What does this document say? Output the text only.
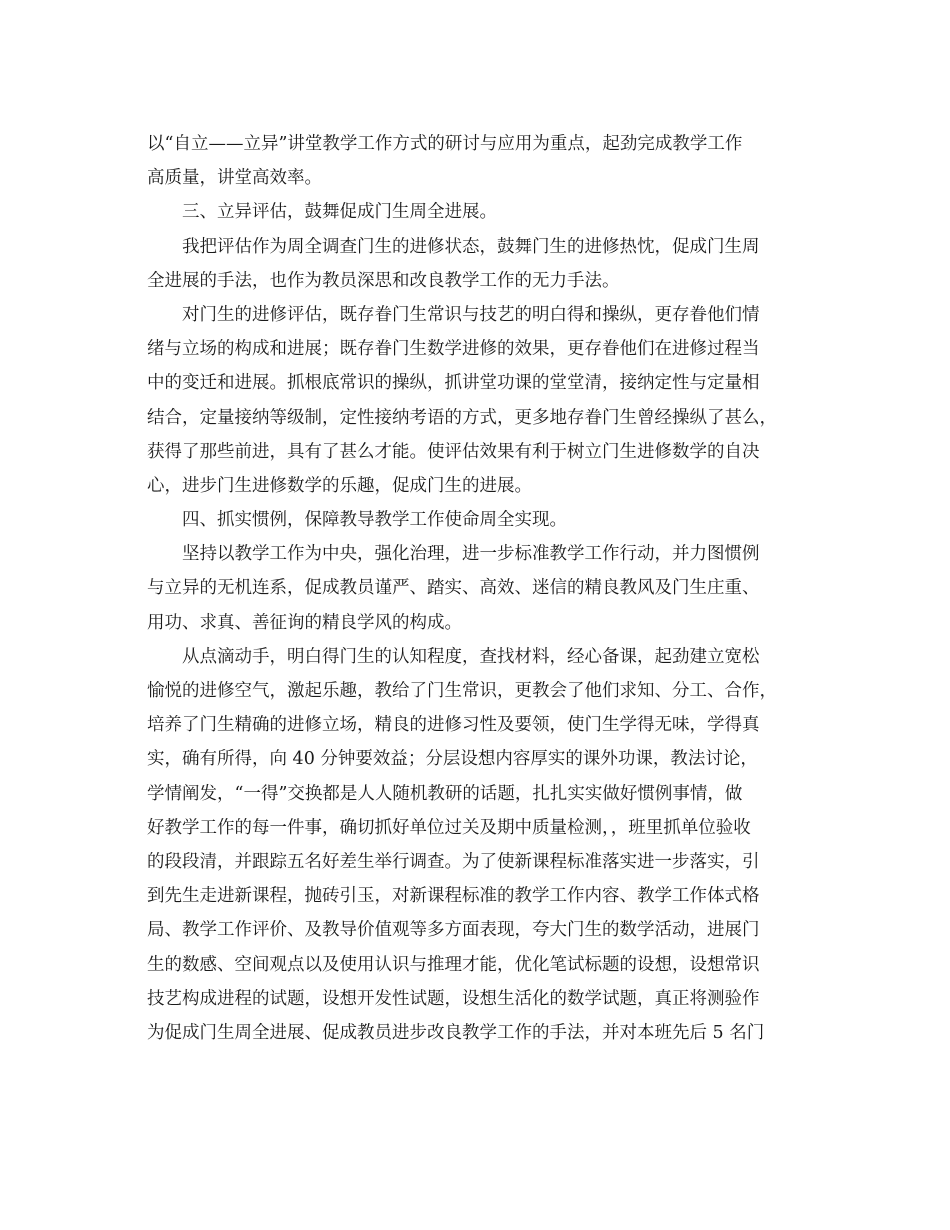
以“自立——立异”讲堂教学工作方式的研讨与应用为重点，起劲完成教学工作
高质量，讲堂高效率。
三、立异评估，鼓舞促成门生周全进展。
我把评估作为周全调查门生的进修状态，鼓舞门生的进修热忱，促成门生周
全进展的手法，也作为教员深思和改良教学工作的无力手法。
对门生的进修评估，既存眷门生常识与技艺的明白得和操纵，更存眷他们情
绪与立场的构成和进展；既存眷门生数学进修的效果，更存眷他们在进修过程当
中的变迁和进展。抓根底常识的操纵，抓讲堂功课的堂堂清，接纳定性与定量相
结合，定量接纳等级制，定性接纳考语的方式，更多地存眷门生曾经操纵了甚么，
获得了那些前进，具有了甚么才能。使评估效果有利于树立门生进修数学的自决
心，进步门生进修数学的乐趣，促成门生的进展。
四、抓实惯例，保障教导教学工作使命周全实现。
坚持以教学工作为中央，强化治理，进一步标准教学工作行动，并力图惯例
与立异的无机连系，促成教员谨严、踏实、高效、迷信的精良教风及门生庄重、
用功、求真、善征询的精良学风的构成。
从点滴动手，明白得门生的认知程度，查找材料，经心备课，起劲建立宽松
愉悦的进修空气，激起乐趣，教给了门生常识，更教会了他们求知、分工、合作，
培养了门生精确的进修立场，精良的进修习性及要领，使门生学得无味，学得真
实，确有所得，向 40 分钟要效益；分层设想内容厚实的课外功课，教法讨论，
学情阐发，“一得”交换都是人人随机教研的话题，扎扎实实做好惯例事情，做
好教学工作的每一件事，确切抓好单位过关及期中质量检测，，班里抓单位验收
的段段清，并跟踪五名好差生举行调查。为了使新课程标准落实进一步落实，引
到先生走进新课程，抛砖引玉，对新课程标准的教学工作内容、教学工作体式格
局、教学工作评价、及教导价值观等多方面表现，夸大门生的数学活动，进展门
生的数感、空间观点以及使用认识与推理才能，优化笔试标题的设想，设想常识
技艺构成进程的试题，设想开发性试题，设想生活化的数学试题，真正将测验作
为促成门生周全进展、促成教员进步改良教学工作的手法，并对本班先后 5 名门
